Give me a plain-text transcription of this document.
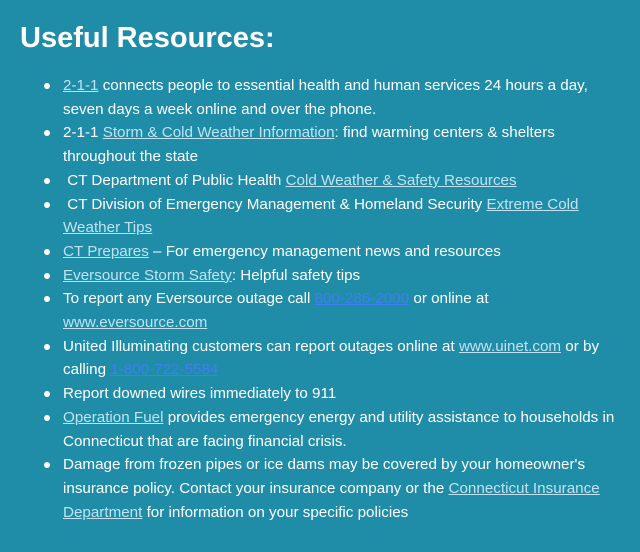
Useful Resources:
2-1-1 connects people to essential health and human services 24 hours a day, seven days a week online and over the phone.
2-1-1 Storm & Cold Weather Information: find warming centers & shelters throughout the state
CT Department of Public Health Cold Weather & Safety Resources
CT Division of Emergency Management & Homeland Security Extreme Cold Weather Tips
CT Prepares – For emergency management news and resources
Eversource Storm Safety: Helpful safety tips
To report any Eversource outage call 800-286-2000 or online at www.eversource.com
United Illuminating customers can report outages online at www.uinet.com or by calling 1-800-722-5584
Report downed wires immediately to 911
Operation Fuel provides emergency energy and utility assistance to households in Connecticut that are facing financial crisis.
Damage from frozen pipes or ice dams may be covered by your homeowner's insurance policy. Contact your insurance company or the Connecticut Insurance Department for information on your specific policies
